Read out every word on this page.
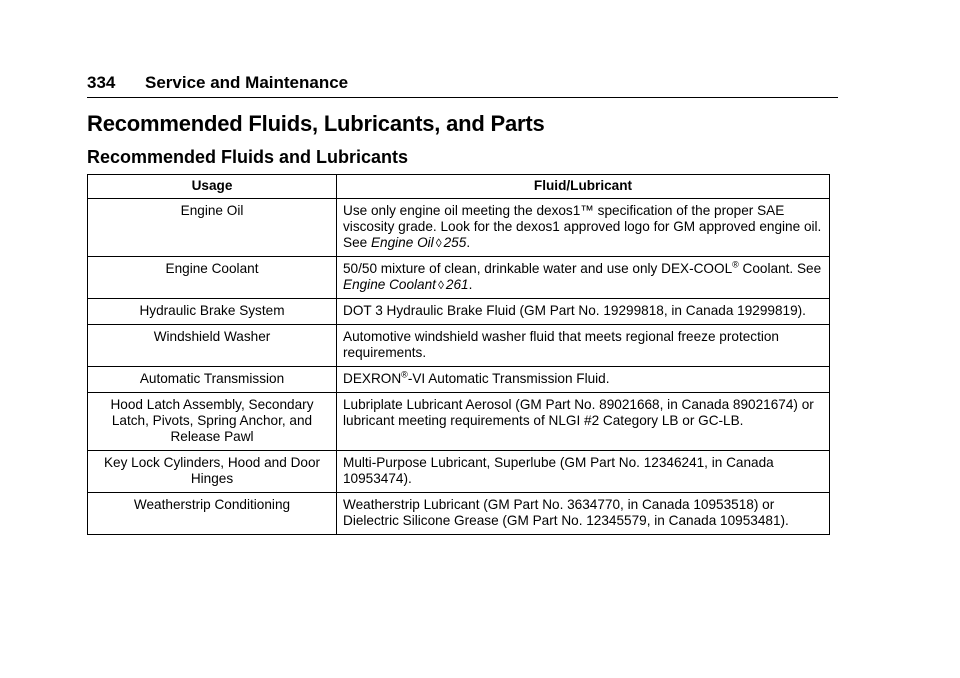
334 Service and Maintenance
Recommended Fluids, Lubricants, and Parts
Recommended Fluids and Lubricants
Usage	Fluid/Lubricant
Engine Oil	Use only engine oil meeting the dexos1™ specification of the proper SAE viscosity grade. Look for the dexos1 approved logo for GM approved engine oil. See Engine Oil ◊ 255.
Engine Coolant	50/50 mixture of clean, drinkable water and use only DEX-COOL® Coolant. See Engine Coolant ◊ 261.
Hydraulic Brake System	DOT 3 Hydraulic Brake Fluid (GM Part No. 19299818, in Canada 19299819).
Windshield Washer	Automotive windshield washer fluid that meets regional freeze protection requirements.
Automatic Transmission	DEXRON®-VI Automatic Transmission Fluid.
Hood Latch Assembly, Secondary Latch, Pivots, Spring Anchor, and Release Pawl	Lubriplate Lubricant Aerosol (GM Part No. 89021668, in Canada 89021674) or lubricant meeting requirements of NLGI #2 Category LB or GC-LB.
Key Lock Cylinders, Hood and Door Hinges	Multi-Purpose Lubricant, Superlube (GM Part No. 12346241, in Canada 10953474).
Weatherstrip Conditioning	Weatherstrip Lubricant (GM Part No. 3634770, in Canada 10953518) or Dielectric Silicone Grease (GM Part No. 12345579, in Canada 10953481).
